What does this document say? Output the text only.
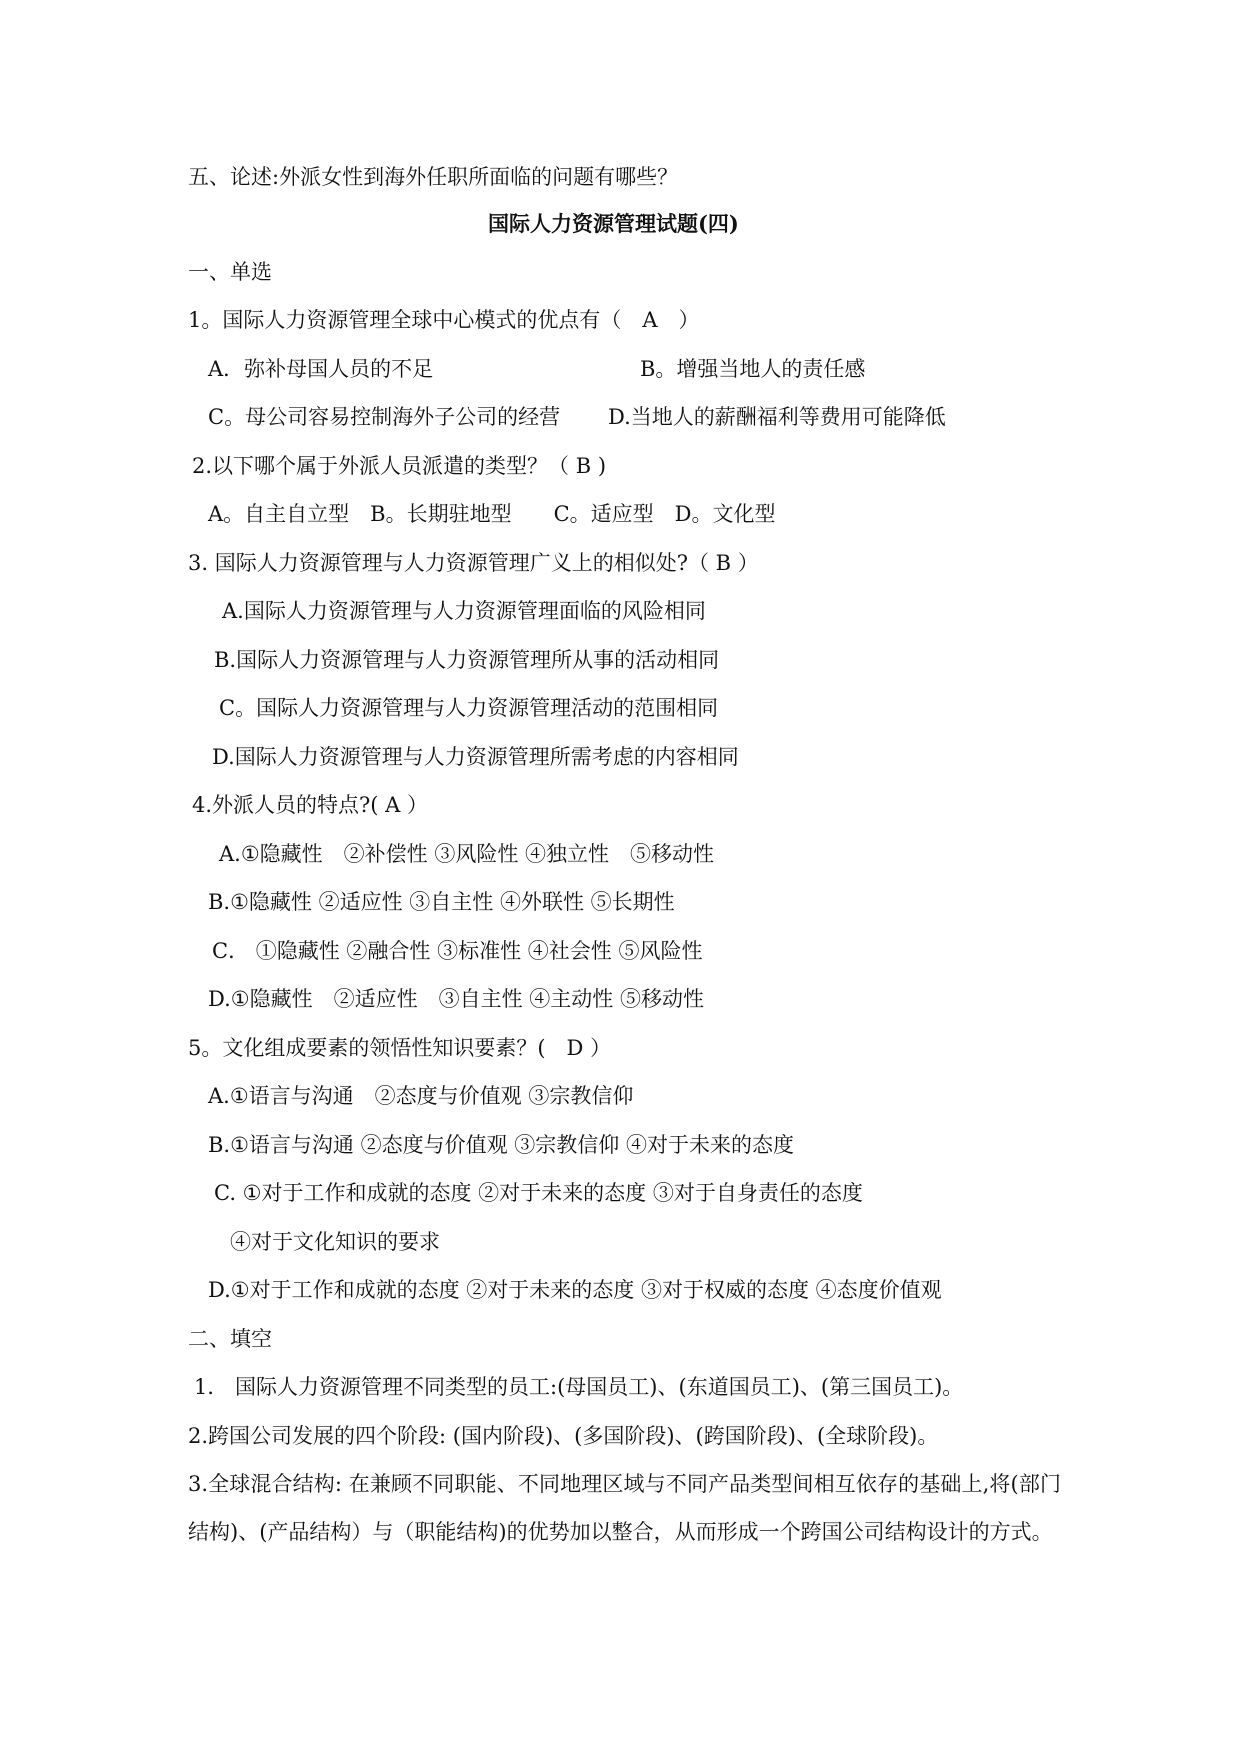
五、论述:外派女性到海外任职所面临的问题有哪些？
国际人力资源管理试题(四)
一、单选
1。国际人力资源管理全球中心模式的优点有（　A　）
A．弥补母国人员的不足	B。增强当地人的责任感
C。母公司容易控制海外子公司的经营 D.当地人的薪酬福利等费用可能降低
2.以下哪个属于外派人员派遣的类型？（ B )
A。自主自立型　B。长期驻地型　　C。适应型　D。文化型
3. 国际人力资源管理与人力资源管理广义上的相似处?（ B ）
A.国际人力资源管理与人力资源管理面临的风险相同
B.国际人力资源管理与人力资源管理所从事的活动相同
C。国际人力资源管理与人力资源管理活动的范围相同
D.国际人力资源管理与人力资源管理所需考虑的内容相同
4.外派人员的特点?( A ）
A.①隐藏性　②补偿性 ③风险性 ④独立性　⑤移动性
B.①隐藏性 ②适应性 ③自主性 ④外联性 ⑤长期性
C． ①隐藏性 ②融合性 ③标准性 ④社会性 ⑤风险性
D.①隐藏性　②适应性　③自主性 ④主动性 ⑤移动性
5。文化组成要素的领悟性知识要素？(　D ）
A.①语言与沟通　②态度与价值观 ③宗教信仰
B.①语言与沟通 ②态度与价值观 ③宗教信仰 ④对于未来的态度
C. ①对于工作和成就的态度 ②对于未来的态度 ③对于自身责任的态度
④对于文化知识的要求
D.①对于工作和成就的态度 ②对于未来的态度 ③对于权威的态度 ④态度价值观
二、填空
1． 国际人力资源管理不同类型的员工:(母国员工)、(东道国员工)、(第三国员工)。
2.跨国公司发展的四个阶段: (国内阶段)、(多国阶段)、(跨国阶段)、(全球阶段)。
3.全球混合结构: 在兼顾不同职能、不同地理区域与不同产品类型间相互依存的基础上,将(部门结构)、(产品结构）与（职能结构)的优势加以整合，从而形成一个跨国公司结构设计的方式。
